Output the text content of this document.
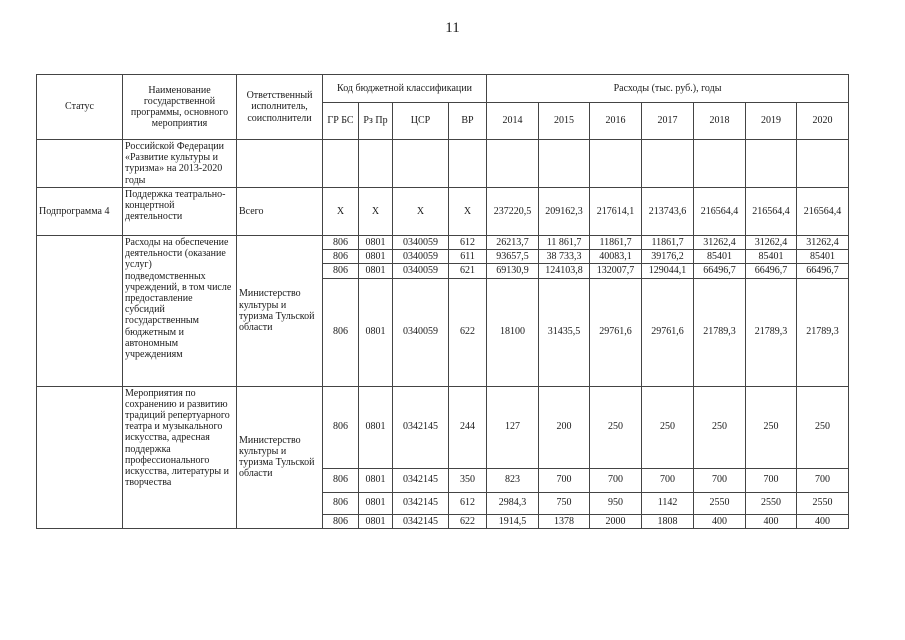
11
Статус	Наименование государственной программы, основного мероприятия	Ответственный исполнитель, соисполнители	Код бюджетной классификации				Расходы (тыс. руб.), годы						
			ГР БС	Рз Пр	ЦСР	ВР	2014	2015	2016	2017	2018	2019	2020
	Российской Федерации «Развитие культуры и туризма» на 2013-2020 годы												
Подпрограмма 4	Поддержка театрально-концертной деятельности	Всего	Х	Х	Х	Х	237220,5	209162,3	217614,1	213743,6	216564,4	216564,4	216564,4
	Расходы на обеспечение деятельности (оказание услуг) подведомственных учреждений, в том числе предоставление субсидий государственным бюджетным и автономным учреждениям	Министерство культуры и туризма Тульской области	806	0801	0340059	612	26213,7	11 861,7	11861,7	11861,7	31262,4	31262,4	31262,4
			806	0801	0340059	611	93657,5	38 733,3	40083,1	39176,2	85401	85401	85401
			806	0801	0340059	621	69130,9	124103,8	132007,7	129044,1	66496,7	66496,7	66496,7
			806	0801	0340059	622	18100	31435,5	29761,6	29761,6	21789,3	21789,3	21789,3
	Мероприятия по сохранению и развитию традиций репертуарного театра и музыкального искусства, адресная поддержка профессионального искусства, литературы и творчества	Министерство культуры и туризма Тульской области	806	0801	0342145	244	127	200	250	250	250	250	250
			806	0801	0342145	350	823	700	700	700	700	700	700
			806	0801	0342145	612	2984,3	750	950	1142	2550	2550	2550
			806	0801	0342145	622	1914,5	1378	2000	1808	400	400	400
